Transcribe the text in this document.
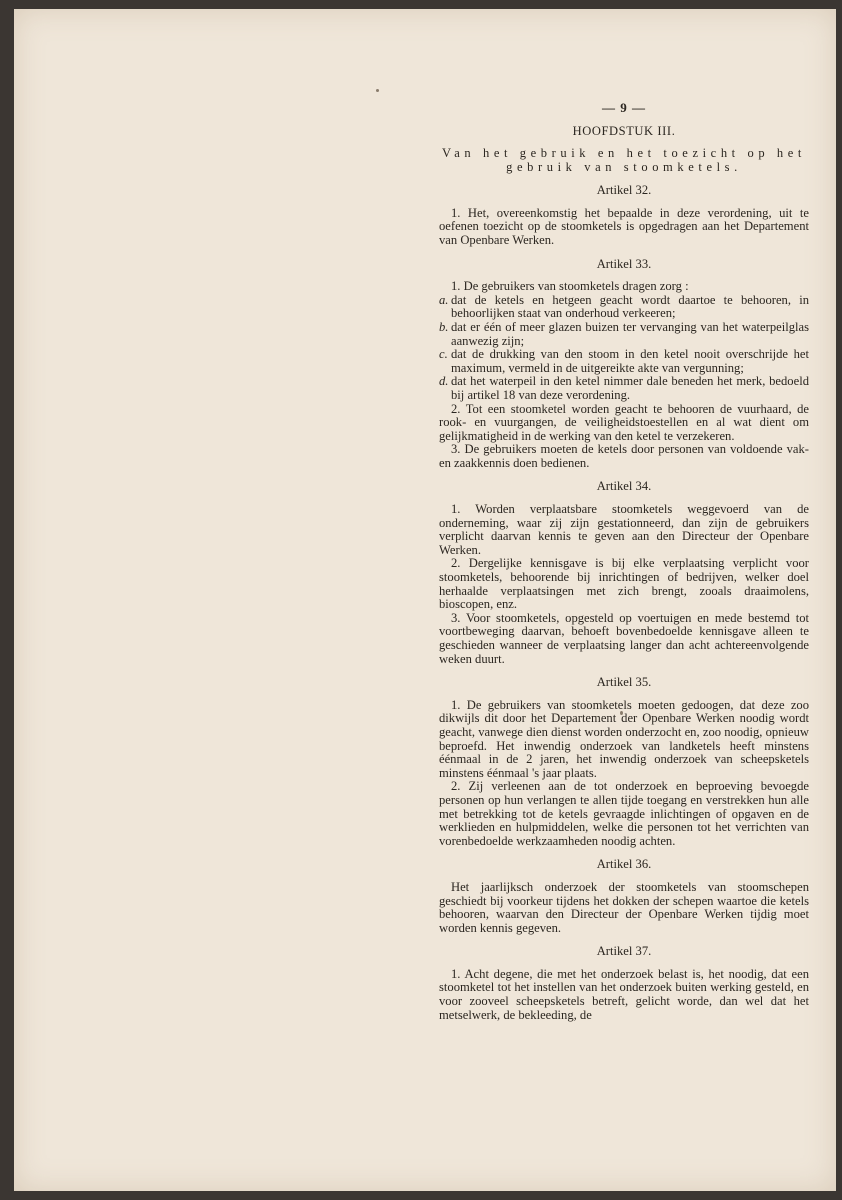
— 9 —
HOOFDSTUK III.
Van het gebruik en het toezicht op het gebruik van stoomketels.
Artikel 32.

1. Het, overeenkomstig het bepaalde in deze verordening, uit te oefenen toezicht op de stoomketels is opgedragen aan het Departement van Openbare Werken.

Artikel 33.

1. De gebruikers van stoomketels dragen zorg :

a. dat de ketels en hetgeen geacht wordt daartoe te behooren, in behoorlijken staat van onderhoud verkeeren;
b. dat er één of meer glazen buizen ter vervanging van het waterpeilglas aanwezig zijn;
c. dat de drukking van den stoom in den ketel nooit overschrijde het maximum, vermeld in de uitgereikte akte van vergunning;
d. dat het waterpeil in den ketel nimmer dale beneden het merk, bedoeld bij artikel 18 van deze verordening.

2. Tot een stoomketel worden geacht te behooren de vuurhaard, de rook- en vuurgangen, de veiligheidstoestellen en al wat dient om gelijkmatigheid in de werking van den ketel te verzekeren.

3. De gebruikers moeten de ketels door personen van voldoende vak- en zaakkennis doen bedienen.

Artikel 34.

1. Worden verplaatsbare stoomketels weggevoerd van de onderneming, waar zij zijn gestationneerd, dan zijn de gebruikers verplicht daarvan kennis te geven aan den Directeur der Openbare Werken.

2. Dergelijke kennisgave is bij elke verplaatsing verplicht voor stoomketels, behoorende bij inrichtingen of bedrijven, welker doel herhaalde verplaatsingen met zich brengt, zooals draaimolens, bioscopen, enz.

3. Voor stoomketels, opgesteld op voertuigen en mede bestemd tot voortbeweging daarvan, behoeft bovenbedoelde kennisgave alleen te geschieden wanneer de verplaatsing langer dan acht achtereenvolgende weken duurt.

Artikel 35.

1. De gebruikers van stoomketels moeten gedoogen, dat deze zoo dikwijls dit door het Departement der Openbare Werken noodig wordt geacht, vanwege dien dienst worden onderzocht en, zoo noodig, opnieuw beproefd. Het inwendig onderzoek van landketels heeft minstens éénmaal in de 2 jaren, het inwendig onderzoek van scheepsketels minstens éénmaal 's jaar plaats.

2. Zij verleenen aan de tot onderzoek en beproeving bevoegde personen op hun verlangen te allen tijde toegang en verstrekken hun alle met betrekking tot de ketels gevraagde inlichtingen of opgaven en de werklieden en hulpmiddelen, welke die personen tot het verrichten van vorenbedoelde werkzaamheden noodig achten.

Artikel 36.

Het jaarlijksch onderzoek der stoomketels van stoomschepen geschiedt bij voorkeur tijdens het dokken der schepen waartoe die ketels behooren, waarvan den Directeur der Openbare Werken tijdig moet worden kennis gegeven.

Artikel 37.

1. Acht degene, die met het onderzoek belast is, het noodig, dat een stoomketel tot het instellen van het onderzoek buiten werking gesteld, en voor zooveel scheepsketels betreft, gelicht worde, dan wel dat het metselwerk, de bekleeding, de
